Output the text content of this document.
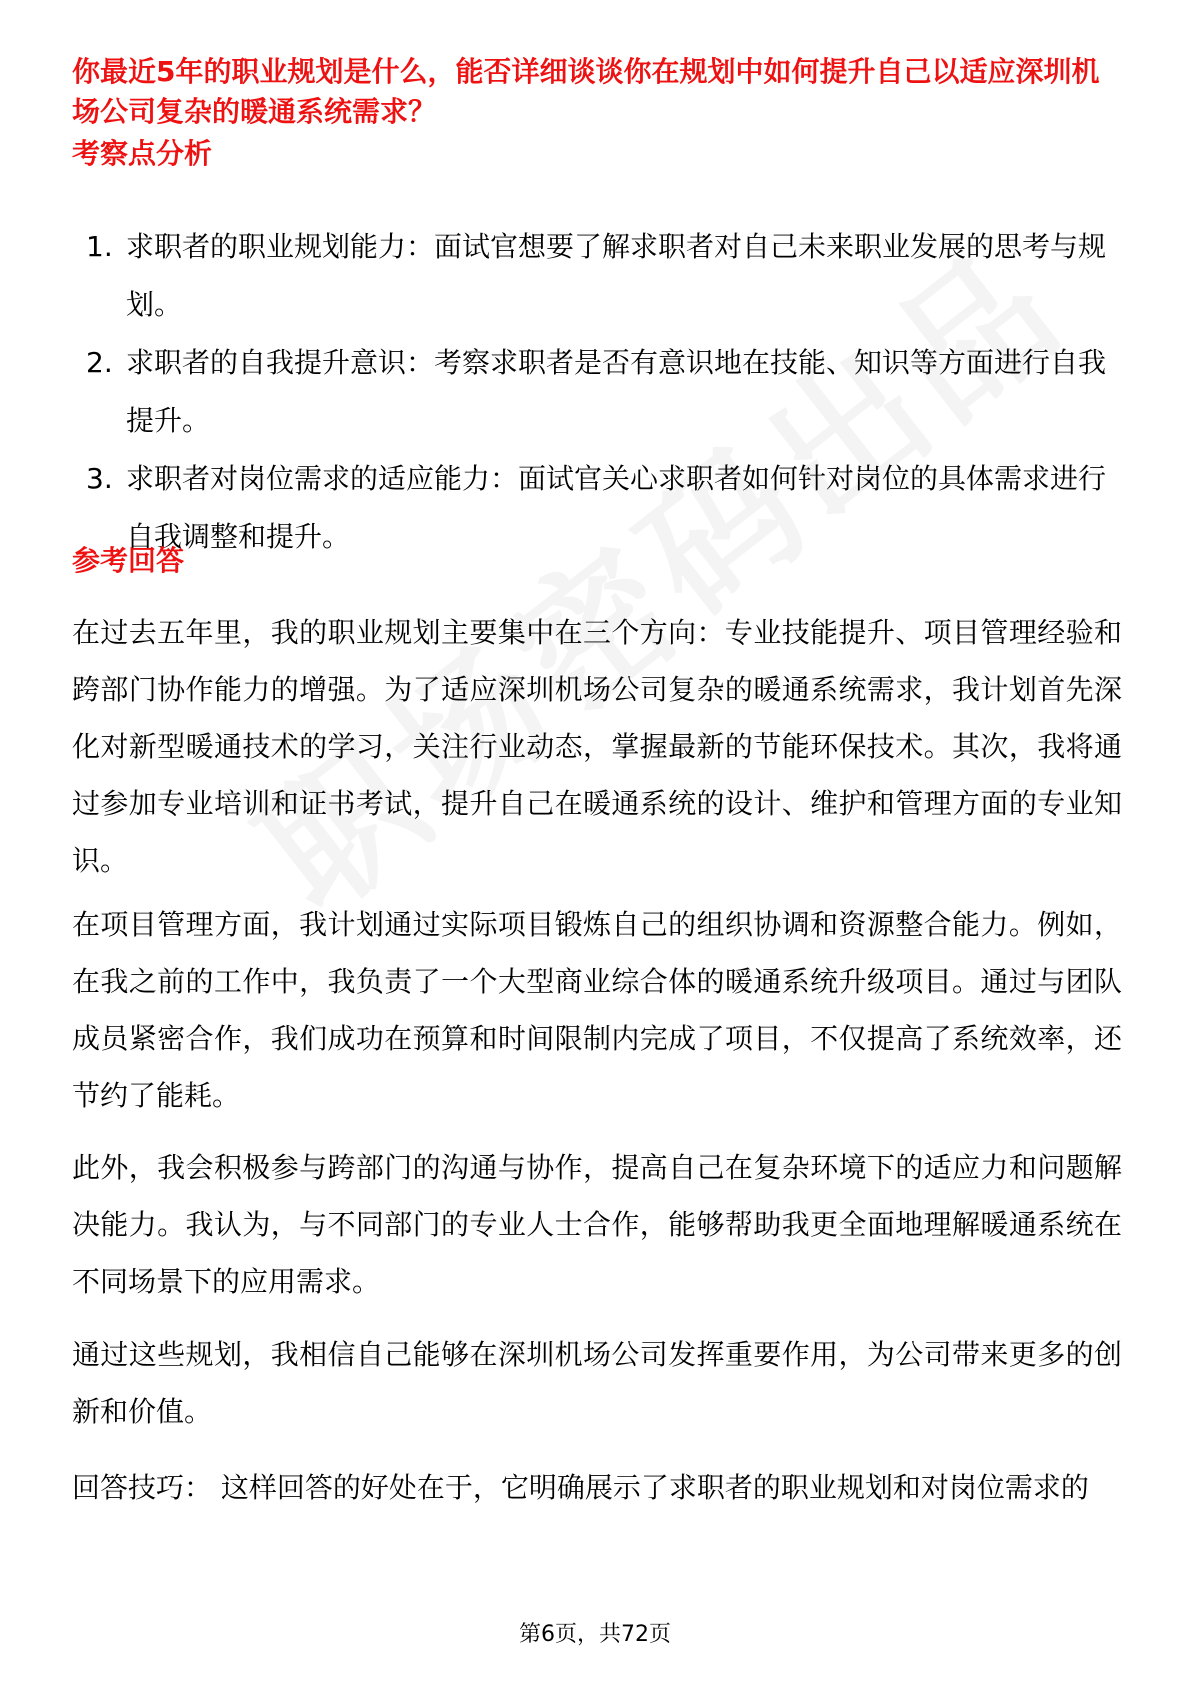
你最近5年的职业规划是什么，能否详细谈谈你在规划中如何提升自己以适应深圳机场公司复杂的暖通系统需求？
考察点分析
1. 求职者的职业规划能力：面试官想要了解求职者对自己未来职业发展的思考与规划。
2. 求职者的自我提升意识：考察求职者是否有意识地在技能、知识等方面进行自我提升。
3. 求职者对岗位需求的适应能力：面试官关心求职者如何针对岗位的具体需求进行自我调整和提升。
参考回答

在过去五年里，我的职业规划主要集中在三个方向：专业技能提升、项目管理经验和跨部门协作能力的增强。为了适应深圳机场公司复杂的暖通系统需求，我计划首先深化对新型暖通技术的学习，关注行业动态，掌握最新的节能环保技术。其次，我将通过参加专业培训和证书考试，提升自己在暖通系统的设计、维护和管理方面的专业知识。

在项目管理方面，我计划通过实际项目锻炼自己的组织协调和资源整合能力。例如，在我之前的工作中，我负责了一个大型商业综合体的暖通系统升级项目。通过与团队成员紧密合作，我们成功在预算和时间限制内完成了项目，不仅提高了系统效率，还节约了能耗。

此外，我会积极参与跨部门的沟通与协作，提高自己在复杂环境下的适应力和问题解决能力。我认为，与不同部门的专业人士合作，能够帮助我更全面地理解暖通系统在不同场景下的应用需求。

通过这些规划，我相信自己能够在深圳机场公司发挥重要作用，为公司带来更多的创新和价值。

回答技巧： 这样回答的好处在于，它明确展示了求职者的职业规划和对岗位需求的

第6页，共72页
